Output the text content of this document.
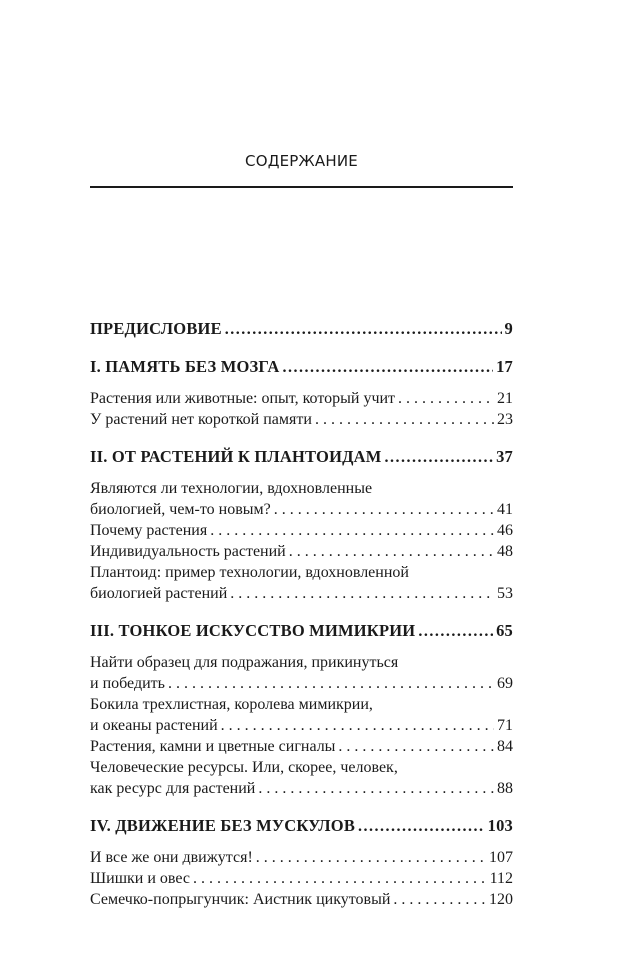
СОДЕРЖАНИЕ
ПРЕДИСЛОВИЕ .....	9
I. ПАМЯТЬ БЕЗ МОЗГА .....	17
Растения или животные: опыт, который учит . . .	21
У растений нет короткой памяти . . .	23
II. ОТ РАСТЕНИЙ К ПЛАНТОИДАМ .....	37
Являются ли технологии, вдохновленные
биологией, чем-то новым? . . .	41
Почему растения . . .	46
Индивидуальность растений . . .	48
Плантоид: пример технологии, вдохновленной
биологией растений . . .	53
III. ТОНКОЕ ИСКУССТВО МИМИКРИИ .....	65
Найти образец для подражания, прикинуться
и победить . . .	69
Бокила трехлистная, королева мимикрии,
и океаны растений . . .	71
Растения, камни и цветные сигналы . . .	84
Человеческие ресурсы. Или, скорее, человек,
как ресурс для растений . . .	88
IV. ДВИЖЕНИЕ БЕЗ МУСКУЛОВ .....	103
И все же они движутся! . . .	107
Шишки и овес . . .	112
Семечко-попрыгунчик: Аистник цикутовый . . .	120
